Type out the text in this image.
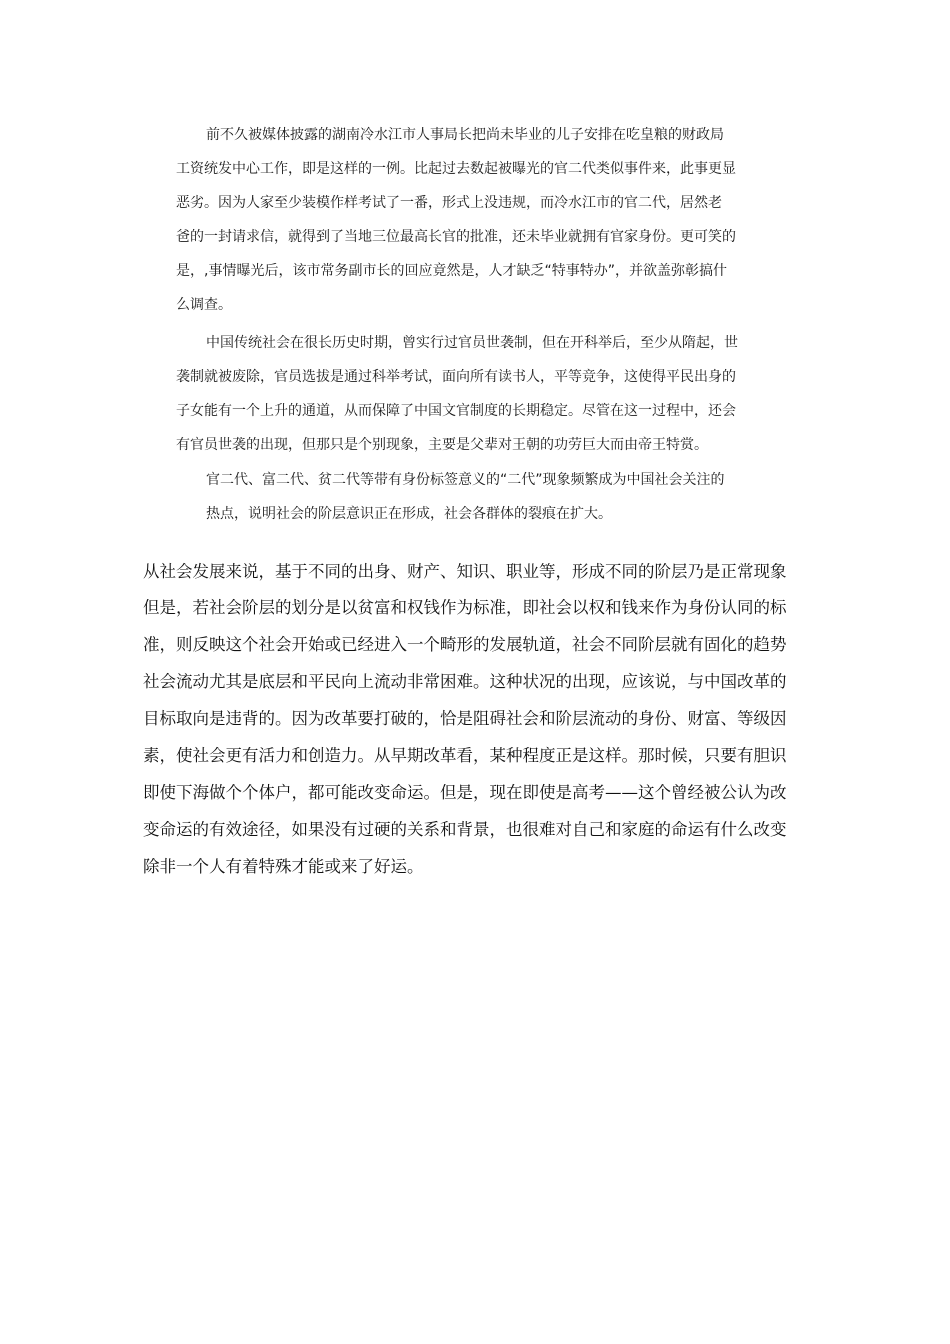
前不久被媒体披露的湖南冷水江市人事局长把尚未毕业的儿子安排在吃皇粮的财政局
工资统发中心工作，即是这样的一例。比起过去数起被曝光的官二代类似事件来，此事更显
恶劣。因为人家至少装模作样考试了一番，形式上没违规，而冷水江市的官二代，居然老
爸的一封请求信，就得到了当地三位最高长官的批准，还未毕业就拥有官家身份。更可笑的
是，,事情曝光后，该市常务副市长的回应竟然是，人才缺乏“特事特办”，并欲盖弥彰搞什
么调查。
中国传统社会在很长历史时期，曾实行过官员世袭制，但在开科举后，至少从隋起，世
袭制就被废除，官员选拔是通过科举考试，面向所有读书人，平等竞争，这使得平民出身的
子女能有一个上升的通道，从而保障了中国文官制度的长期稳定。尽管在这一过程中，还会
有官员世袭的出现，但那只是个别现象，主要是父辈对王朝的功劳巨大而由帝王特赏。
官二代、富二代、贫二代等带有身份标签意义的“二代”现象频繁成为中国社会关注的
热点，说明社会的阶层意识正在形成，社会各群体的裂痕在扩大。
从社会发展来说，基于不同的出身、财产、知识、职业等，形成不同的阶层乃是正常现象
但是，若社会阶层的划分是以贫富和权钱作为标准，即社会以权和钱来作为身份认同的标
准，则反映这个社会开始或已经进入一个畸形的发展轨道，社会不同阶层就有固化的趋势
社会流动尤其是底层和平民向上流动非常困难。这种状况的出现，应该说，与中国改革的
目标取向是违背的。因为改革要打破的，恰是阻碍社会和阶层流动的身份、财富、等级因
素，使社会更有活力和创造力。从早期改革看，某种程度正是这样。那时候，只要有胆识
即使下海做个个体户，都可能改变命运。但是，现在即使是高考——这个曾经被公认为改
变命运的有效途径，如果没有过硬的关系和背景，也很难对自己和家庭的命运有什么改变
除非一个人有着特殊才能或来了好运。
